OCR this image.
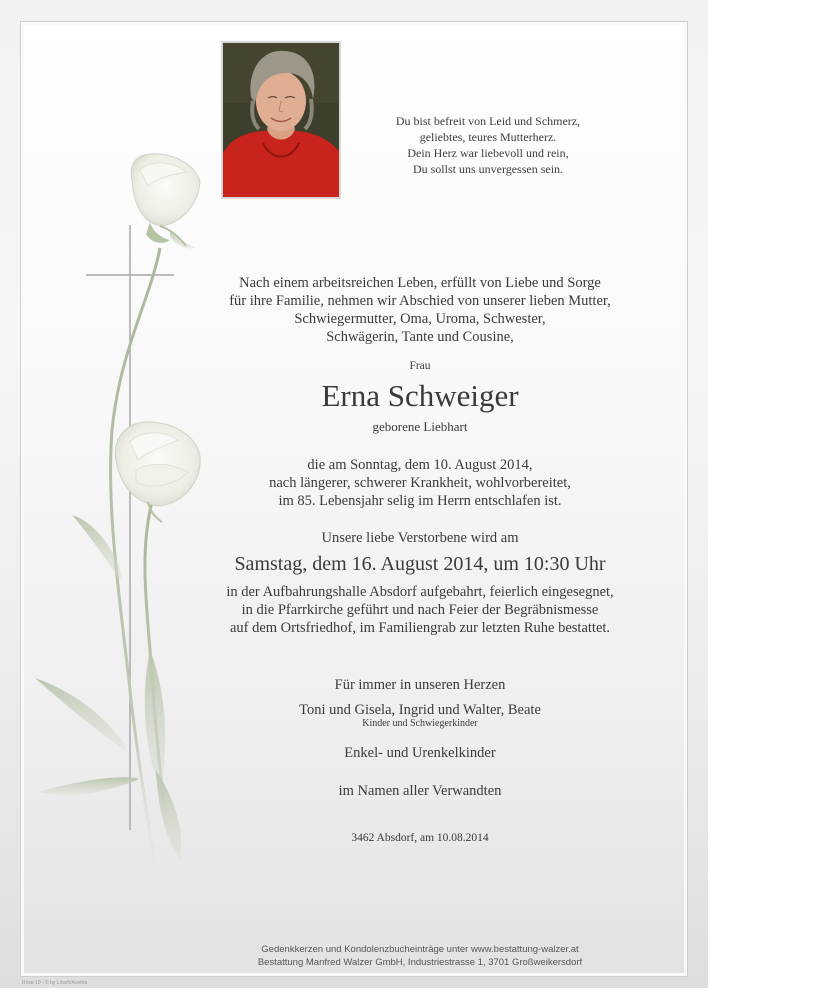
Du bist befreit von Leid und Schmerz,
geliebtes, teures Mutterherz.
Dein Herz war liebevoll und rein,
Du sollst uns unvergessen sein.
Nach einem arbeitsreichen Leben, erfüllt von Liebe und Sorge
für ihre Familie, nehmen wir Abschied von unserer lieben Mutter,
Schwiegermutter, Oma, Uroma, Schwester,
Schwägerin, Tante und Cousine,
Frau
Erna Schweiger
geborene Liebhart
die am Sonntag, dem 10. August 2014,
nach längerer, schwerer Krankheit, wohlvorbereitet,
im 85. Lebensjahr selig im Herrn entschlafen ist.
Unsere liebe Verstorbene wird am
Samstag, dem 16. August 2014, um 10:30 Uhr
in der Aufbahrungshalle Absdorf aufgebahrt, feierlich eingesegnet,
in die Pfarrkirche geführt und nach Feier der Begräbnismesse
auf dem Ortsfriedhof, im Familiengrab zur letzten Ruhe bestattet.
Für immer in unseren Herzen
Toni und Gisela, Ingrid und Walter, Beate
Kinder und Schwiegerkinder
Enkel- und Urenkelkinder
im Namen aller Verwandten
3462 Absdorf, am 10.08.2014
Gedenkkerzen und Kondolenzbucheinträge unter www.bestattung-walzer.at
Bestattung Manfred Walzer GmbH, Industriestrasse 1, 3701 Großweikersdorf
Rose 10 - © by Lösch/Austria
